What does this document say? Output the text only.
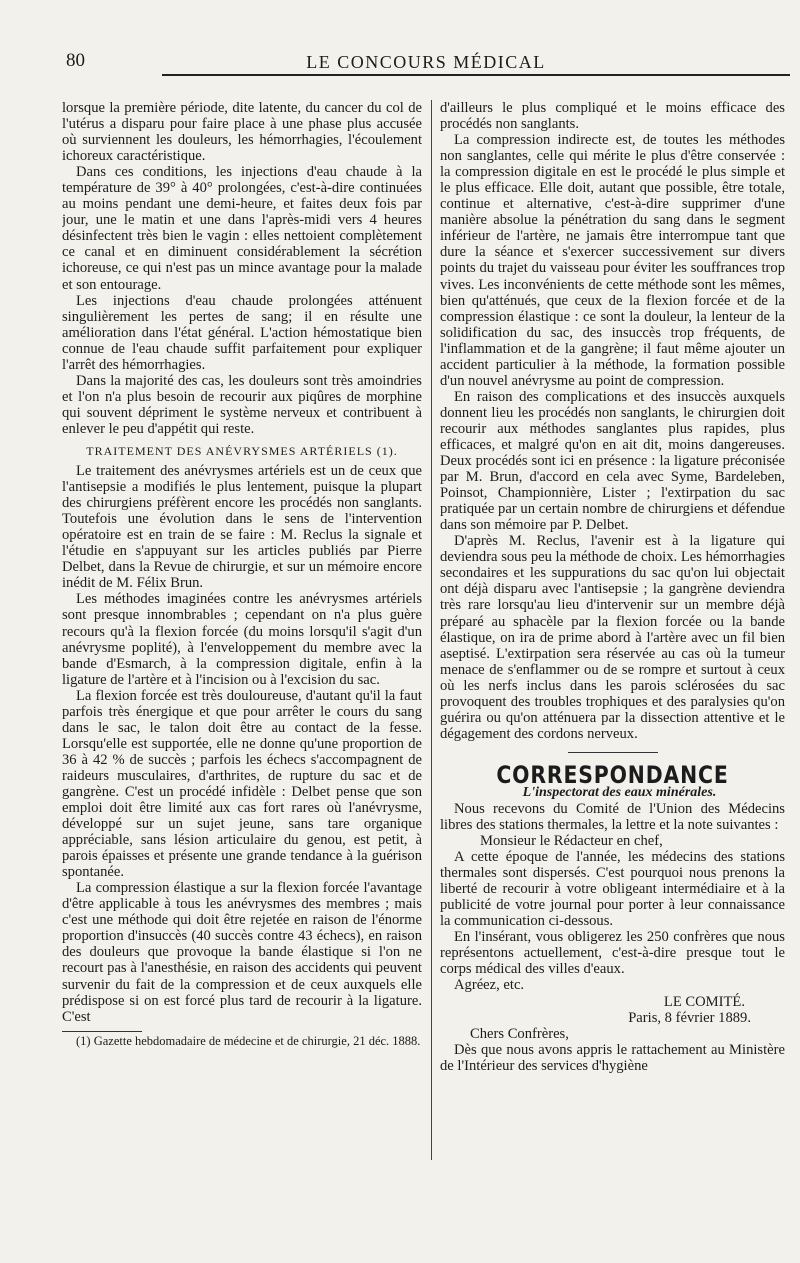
80	LE CONCOURS MÉDICAL

lorsque la première période, dite latente, du cancer du col de l'utérus a disparu pour faire place à une phase plus accusée où surviennent les douleurs, les hémorrhagies, l'écoulement ichoreux caractéristique.

Dans ces conditions, les injections d'eau chaude à la température de 39° à 40° prolongées, c'est-à-dire continuées au moins pendant une demi-heure, et faites deux fois par jour, une le matin et une dans l'après-midi vers 4 heures désinfectent très bien le vagin : elles nettoient complètement ce canal et en diminuent considérablement la sécrétion ichoreuse, ce qui n'est pas un mince avantage pour la malade et son entourage.

Les injections d'eau chaude prolongées atténuent singulièrement les pertes de sang; il en résulte une amélioration dans l'état général. L'action hémostatique bien connue de l'eau chaude suffit parfaitement pour expliquer l'arrêt des hémorrhagies.

Dans la majorité des cas, les douleurs sont très amoindries et l'on n'a plus besoin de recourir aux piqûres de morphine qui souvent dépriment le système nerveux et contribuent à enlever le peu d'appétit qui reste.

TRAITEMENT DES ANÉVRYSMES ARTÉRIELS (1).

Le traitement des anévrysmes artériels est un de ceux que l'antisepsie a modifiés le plus lentement, puisque la plupart des chirurgiens préfèrent encore les procédés non sanglants. Toutefois une évolution dans le sens de l'intervention opératoire est en train de se faire : M. Reclus la signale et l'étudie en s'appuyant sur les articles publiés par Pierre Delbet, dans la Revue de chirurgie, et sur un mémoire encore inédit de M. Félix Brun.

Les méthodes imaginées contre les anévrysmes artériels sont presque innombrables ; cependant on n'a plus guère recours qu'à la flexion forcée (du moins lorsqu'il s'agit d'un anévrysme poplité), à l'enveloppement du membre avec la bande d'Esmarch, à la compression digitale, enfin à la ligature de l'artère et à l'incision ou à l'excision du sac.

La flexion forcée est très douloureuse, d'autant qu'il la faut parfois très énergique et que pour arrêter le cours du sang dans le sac, le talon doit être au contact de la fesse. Lorsqu'elle est supportée, elle ne donne qu'une proportion de 36 à 42 % de succès ; parfois les échecs s'accompagnent de raideurs musculaires, d'arthrites, de rupture du sac et de gangrène. C'est un procédé infidèle : Delbet pense que son emploi doit être limité aux cas fort rares où l'anévrysme, développé sur un sujet jeune, sans tare organique appréciable, sans lésion articulaire du genou, est petit, à parois épaisses et présente une grande tendance à la guérison spontanée.

La compression élastique a sur la flexion forcée l'avantage d'être applicable à tous les anévrysmes des membres ; mais c'est une méthode qui doit être rejetée en raison de l'énorme proportion d'insuccès (40 succès contre 43 échecs), en raison des douleurs que provoque la bande élastique si l'on ne recourt pas à l'anesthésie, en raison des accidents qui peuvent survenir du fait de la compression et de ceux auxquels elle prédispose si on est forcé plus tard de recourir à la ligature. C'est

(1) Gazette hebdomadaire de médecine et de chirurgie, 21 déc. 1888.

d'ailleurs le plus compliqué et le moins efficace des procédés non sanglants.

La compression indirecte est, de toutes les méthodes non sanglantes, celle qui mérite le plus d'être conservée : la compression digitale en est le procédé le plus simple et le plus efficace. Elle doit, autant que possible, être totale, continue et alternative, c'est-à-dire supprimer d'une manière absolue la pénétration du sang dans le segment inférieur de l'artère, ne jamais être interrompue tant que dure la séance et s'exercer successivement sur divers points du trajet du vaisseau pour éviter les souffrances trop vives. Les inconvénients de cette méthode sont les mêmes, bien qu'atténués, que ceux de la flexion forcée et de la compression élastique : ce sont la douleur, la lenteur de la solidification du sac, des insuccès trop fréquents, de l'inflammation et de la gangrène; il faut même ajouter un accident particulier à la méthode, la formation possible d'un nouvel anévrysme au point de compression.

En raison des complications et des insuccès auxquels donnent lieu les procédés non sanglants, le chirurgien doit recourir aux méthodes sanglantes plus rapides, plus efficaces, et malgré qu'on en ait dit, moins dangereuses. Deux procédés sont ici en présence : la ligature préconisée par M. Brun, d'accord en cela avec Syme, Bardeleben, Poinsot, Championnière, Lister ; l'extirpation du sac pratiquée par un certain nombre de chirurgiens et défendue dans son mémoire par P. Delbet.

D'après M. Reclus, l'avenir est à la ligature qui deviendra sous peu la méthode de choix. Les hémorrhagies secondaires et les suppurations du sac qu'on lui objectait ont déjà disparu avec l'antisepsie ; la gangrène deviendra très rare lorsqu'au lieu d'intervenir sur un membre déjà préparé au sphacèle par la flexion forcée ou la bande élastique, on ira de prime abord à l'artère avec un fil bien aseptisé. L'extirpation sera réservée au cas où la tumeur menace de s'enflammer ou de se rompre et surtout à ceux où les nerfs inclus dans les parois sclérosées du sac provoquent des troubles trophiques et des paralysies qu'on guérira ou qu'on atténuera par la dissection attentive et le dégagement des cordons nerveux.

CORRESPONDANCE

L'inspectorat des eaux minérales.

Nous recevons du Comité de l'Union des Médecins libres des stations thermales, la lettre et la note suivantes :

Monsieur le Rédacteur en chef,

A cette époque de l'année, les médecins des stations thermales sont dispersés. C'est pourquoi nous prenons la liberté de recourir à votre obligeant intermédiaire et à la publicité de votre journal pour porter à leur connaissance la communication ci-dessous.

En l'insérant, vous obligerez les 250 confrères que nous représentons actuellement, c'est-à-dire presque tout le corps médical des villes d'eaux.

Agréez, etc.

LE COMITÉ.

Paris, 8 février 1889.

Chers Confrères,

Dès que nous avons appris le rattachement au Ministère de l'Intérieur des services d'hygiène
